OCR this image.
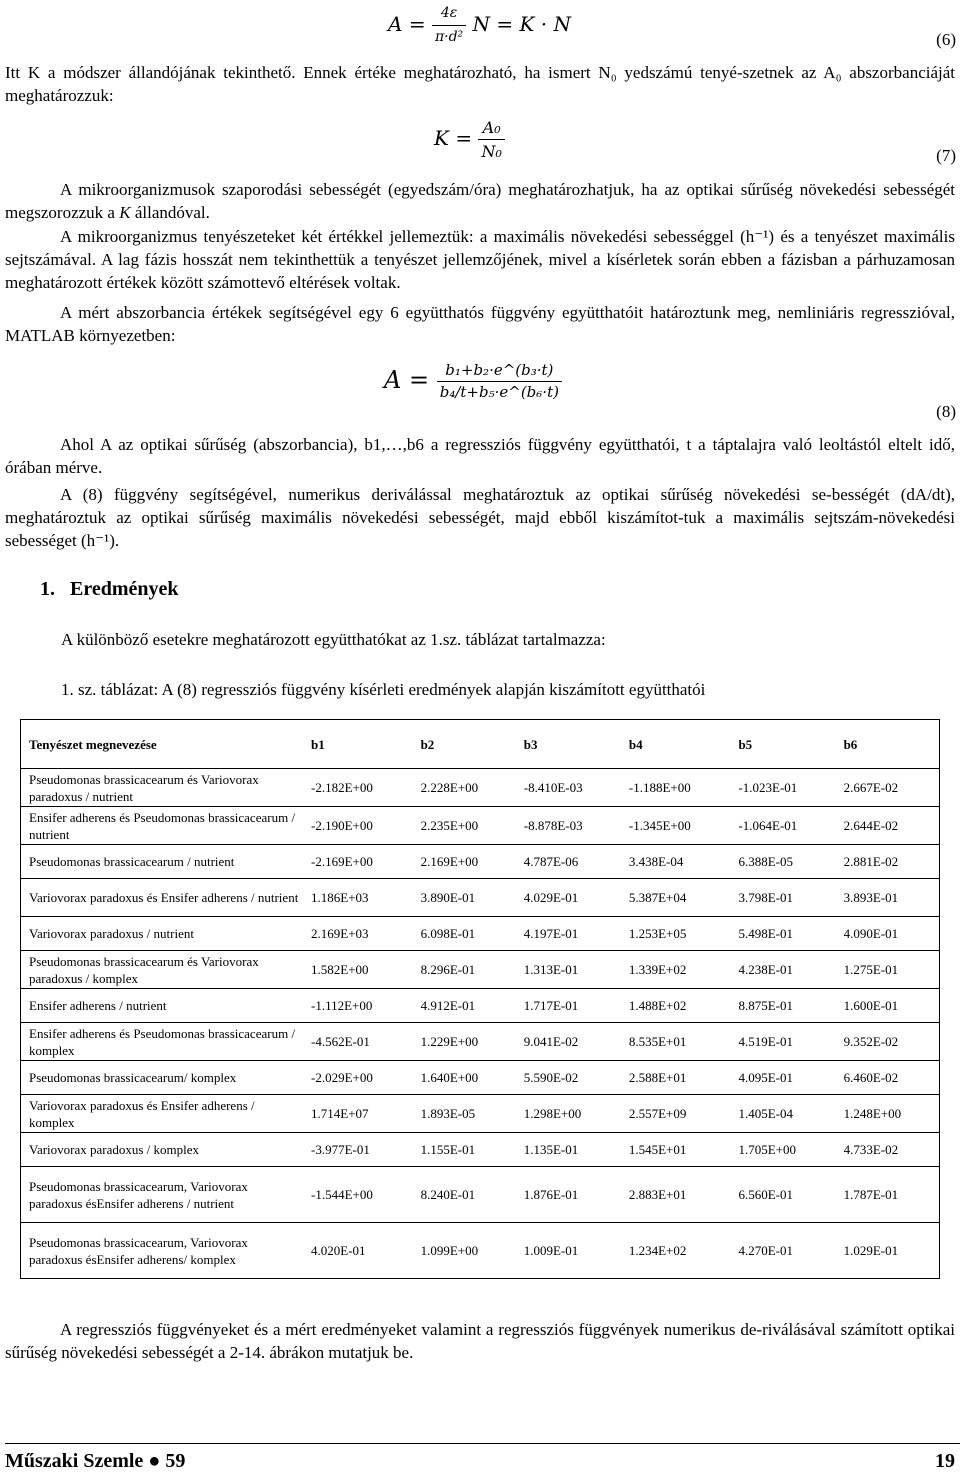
$A = \frac{4\varepsilon}{\text{π·d²}}$ N = K · N
(6)
Itt K a módszer állandójának tekinthető. Ennek értéke meghatározható, ha ismert N₀ yedszámú tenyé-szetnek az A₀ abszorbanciáját meghatározzuk:
$K = \frac{\text{A₀}}{\text{N₀}}$	(7)
A mikroorganizmusok szaporodási sebességét (egyedszám/óra) meghatározhatjuk, ha az optikai sűrűség növekedési sebességét megszorozzuk a K állandóval.
A mikroorganizmus tenyészeteket két értékkel jellemeztük: a maximális növekedési sebességgel (h⁻¹) és a tenyészet maximális sejtszámával. A lag fázis hosszát nem tekinthettük a tenyészet jellemzőjének, mivel a kísérletek során ebben a fázisban a párhuzamosan meghatározott értékek között számottevő eltérések voltak.
A mért abszorbancia értékek segítségével egy 6 együtthatós függvény együtthatóit határoztunk meg, nemliniáris regresszióval, MATLAB környezetben:
$A = \frac{\text{b₁+b₂·e\textasciicircum{}(b₃·t)}}{\text{b₄/t+b₅·e\textasciicircum{}(b₆·t)}}$
(8)
Ahol A az optikai sűrűség (abszorbancia), b1,…,b6 a regressziós függvény együtthatói, t a táptalajra való leoltástól eltelt idő, órában mérve.
A (8) függvény segítségével, numerikus deriválással meghatároztuk az optikai sűrűség növekedési se-bességét (dA/dt), meghatároztuk az optikai sűrűség maximális növekedési sebességét, majd ebből kiszámítot-tuk a maximális sejtszám-növekedési sebességet (h⁻¹).
1. Eredmények
A különböző esetekre meghatározott együtthatókat az 1.sz. táblázat tartalmazza:
1. sz. táblázat: A (8) regressziós függvény kísérleti eredmények alapján kiszámított együtthatói
Tenyészet megnevezése	b1	b2	b3	b4	b5	b6
Pseudomonas brassicacearum és Variovorax paradoxus / nutrient	-2.182E+00	2.228E+00	-8.410E-03	-1.188E+00	-1.023E-01	2.667E-02
Ensifer adherens és Pseudomonas brassicacearum / nutrient	-2.190E+00	2.235E+00	-8.878E-03	-1.345E+00	-1.064E-01	2.644E-02
Pseudomonas brassicacearum / nutrient	-2.169E+00	2.169E+00	4.787E-06	3.438E-04	6.388E-05	2.881E-02
Variovorax paradoxus és Ensifer adherens / nutrient	1.186E+03	3.890E-01	4.029E-01	5.387E+04	3.798E-01	3.893E-01
Variovorax paradoxus / nutrient	2.169E+03	6.098E-01	4.197E-01	1.253E+05	5.498E-01	4.090E-01
Pseudomonas brassicacearum és Variovorax paradoxus / komplex	1.582E+00	8.296E-01	1.313E-01	1.339E+02	4.238E-01	1.275E-01
Ensifer adherens / nutrient	-1.112E+00	4.912E-01	1.717E-01	1.488E+02	8.875E-01	1.600E-01
Ensifer adherens és Pseudomonas brassicacearum / komplex	-4.562E-01	1.229E+00	9.041E-02	8.535E+01	4.519E-01	9.352E-02
Pseudomonas brassicacearum/ komplex	-2.029E+00	1.640E+00	5.590E-02	2.588E+01	4.095E-01	6.460E-02
Variovorax paradoxus és Ensifer adherens / komplex	1.714E+07	1.893E-05	1.298E+00	2.557E+09	1.405E-04	1.248E+00
Variovorax paradoxus / komplex	-3.977E-01	1.155E-01	1.135E-01	1.545E+01	1.705E+00	4.733E-02
Pseudomonas brassicacearum, Variovorax paradoxus ésEnsifer adherens / nutrient	-1.544E+00	8.240E-01	1.876E-01	2.883E+01	6.560E-01	1.787E-01
Pseudomonas brassicacearum, Variovorax paradoxus ésEnsifer adherens/ komplex	4.020E-01	1.099E+00	1.009E-01	1.234E+02	4.270E-01	1.029E-01
A regressziós függvényeket és a mért eredményeket valamint a regressziós függvények numerikus de-riválásával számított optikai sűrűség növekedési sebességét a 2-14. ábrákon mutatjuk be.
Műszaki Szemle ● 59	19
